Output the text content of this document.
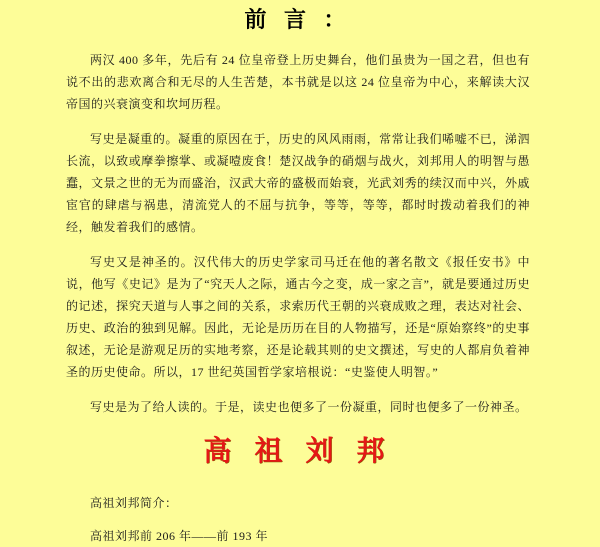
前 言 ：

两汉 400 多年，先后有 24 位皇帝登上历史舞台，他们虽贵为一国之君，但也有说不出的悲欢离合和无尽的人生苦楚，本书就是以这 24 位皇帝为中心，来解读大汉帝国的兴衰演变和坎坷历程。

写史是凝重的。凝重的原因在于，历史的风风雨雨，常常让我们唏嘘不已，涕泗长流，以致或摩拳擦掌、或凝噎废食！楚汉战争的硝烟与战火，刘邦用人的明智与愚蠢，文景之世的无为而盛治，汉武大帝的盛极而始衰，光武刘秀的续汉而中兴，外戚宦官的肆虐与祸患，清流党人的不屈与抗争，等等，等等，都时时拨动着我们的神经，触发着我们的感情。

写史又是神圣的。汉代伟大的历史学家司马迁在他的著名散文《报任安书》中说，他写《史记》是为了“究天人之际，通古今之变，成一家之言”，就是要通过历史的记述，探究天道与人事之间的关系，求索历代王朝的兴衰成败之理，表达对社会、历史、政治的独到见解。因此，无论是历历在目的人物描写，还是“原始察终”的史事叙述，无论是游观足历的实地考察，还是论载其则的史文撰述，写史的人都肩负着神圣的历史使命。所以，17 世纪英国哲学家培根说：“史鉴使人明智。”

写史是为了给人读的。于是，读史也便多了一份凝重，同时也便多了一份神圣。

高 祖 刘 邦

高祖刘邦简介：

高祖刘邦前 206 年——前 193 年
